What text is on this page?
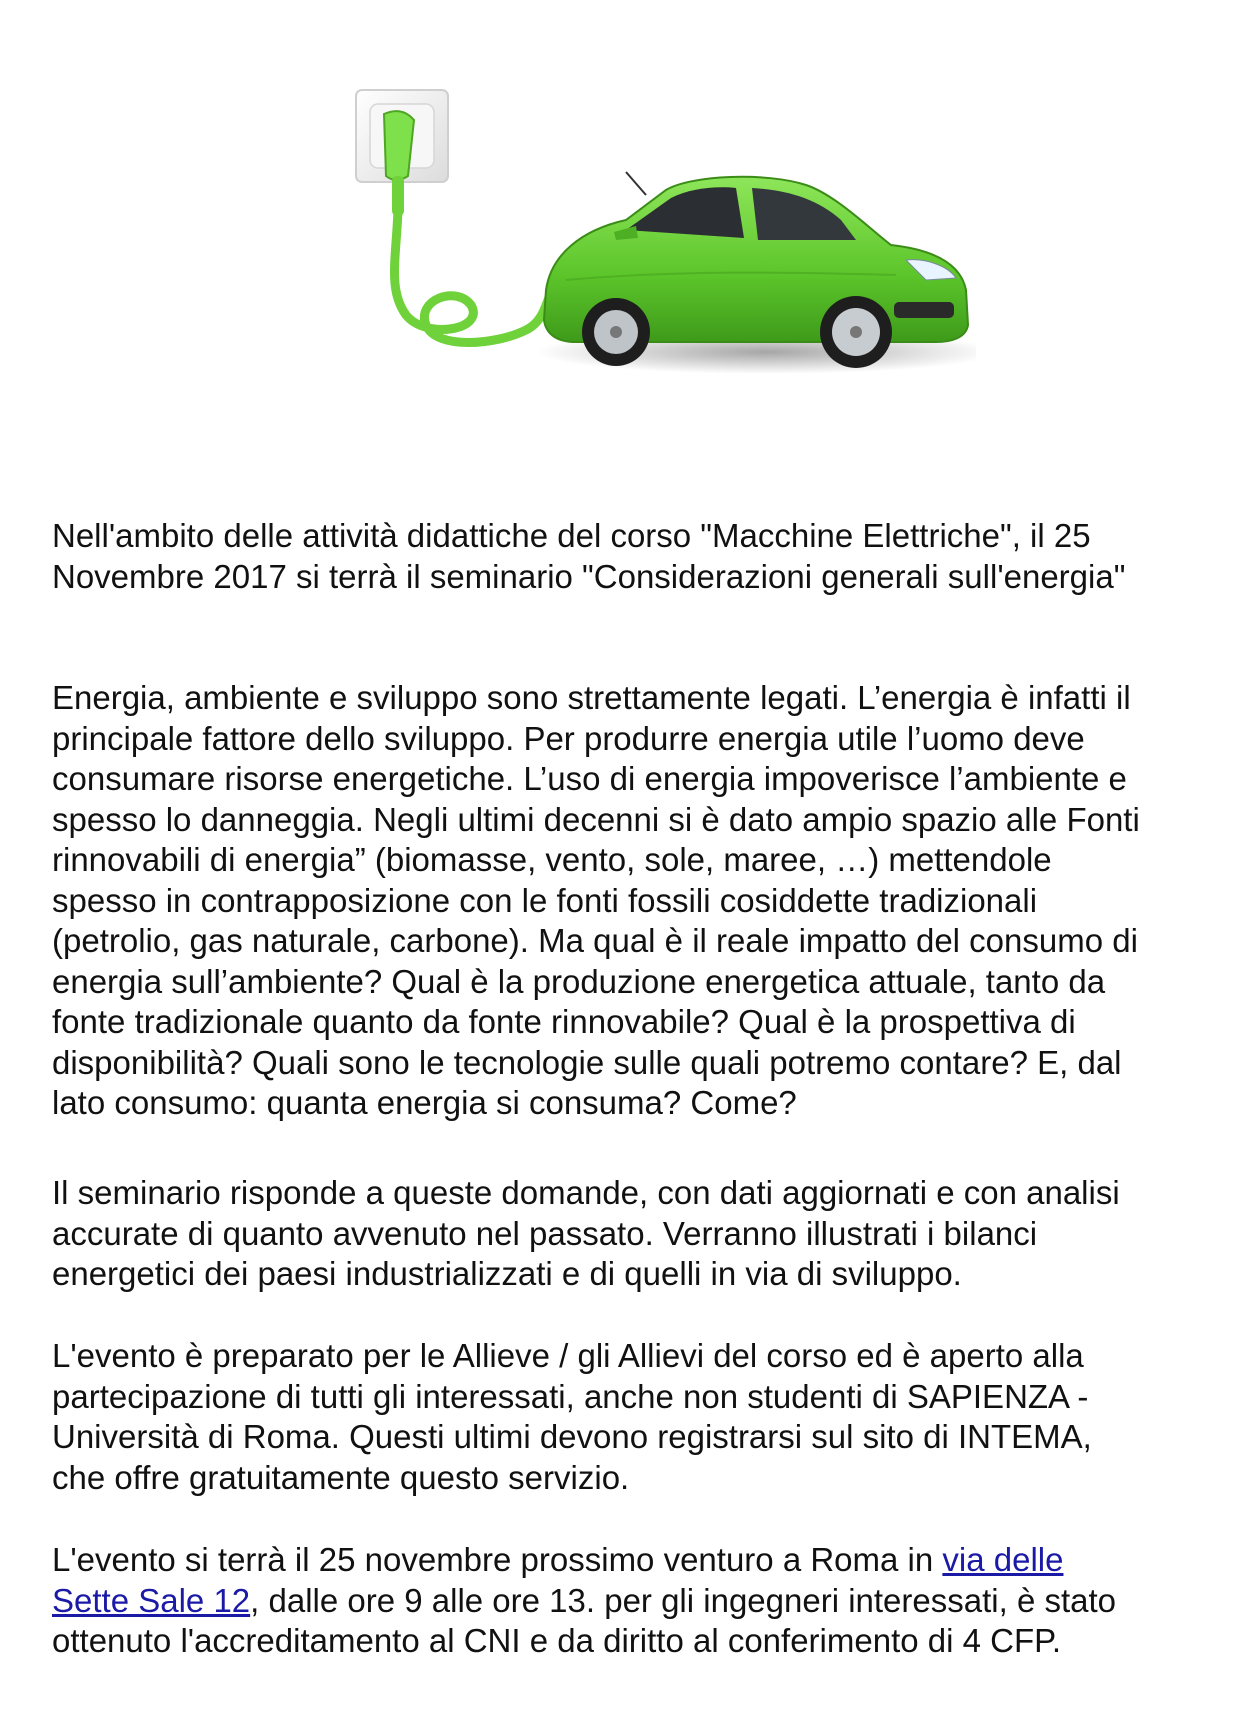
Nell'ambito delle attività didattiche del corso "Macchine Elettriche", il 25
Novembre 2017 si terrà il seminario "Considerazioni generali sull'energia"

Energia, ambiente e sviluppo sono strettamente legati. L’energia è infatti il
principale fattore dello sviluppo. Per produrre energia utile l’uomo deve
consumare risorse energetiche. L’uso di energia impoverisce l’ambiente e
spesso lo danneggia. Negli ultimi decenni si è dato ampio spazio alle Fonti
rinnovabili di energia” (biomasse, vento, sole, maree, …) mettendole
spesso in contrapposizione con le fonti fossili cosiddette tradizionali
(petrolio, gas naturale, carbone). Ma qual è il reale impatto del consumo di
energia sull’ambiente? Qual è la produzione energetica attuale, tanto da
fonte tradizionale quanto da fonte rinnovabile? Qual è la prospettiva di
disponibilità? Quali sono le tecnologie sulle quali potremo contare? E, dal
lato consumo: quanta energia si consuma? Come?

Il seminario risponde a queste domande, con dati aggiornati e con analisi
accurate di quanto avvenuto nel passato. Verranno illustrati i bilanci
energetici dei paesi industrializzati e di quelli in via di sviluppo.

L'evento è preparato per le Allieve / gli Allievi del corso ed è aperto alla
partecipazione di tutti gli interessati, anche non studenti di SAPIENZA -
Università di Roma. Questi ultimi devono registrarsi sul sito di INTEMA,
che offre gratuitamente questo servizio.

L'evento si terrà il 25 novembre prossimo venturo a Roma in via delle
Sette Sale 12, dalle ore 9 alle ore 13. per gli ingegneri interessati, è stato
ottenuto l'accreditamento al CNI e da diritto al conferimento di 4 CFP.
